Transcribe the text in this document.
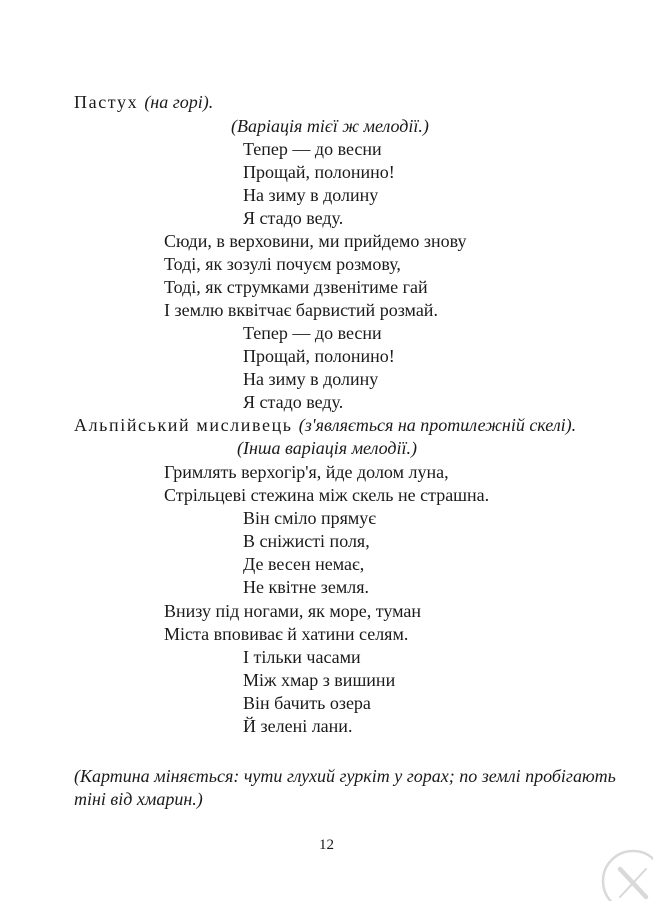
Пастух (на горі).
(Варіація тієї ж мелодії.)
Тепер — до весни
Прощай, полонино!
На зиму в долину
Я стадо веду.
Сюди, в верховини, ми прийдемо знову
Тоді, як зозулі почуєм розмову,
Тоді, як струмками дзвенітиме гай
І землю вквітчає барвистий розмай.
Тепер — до весни
Прощай, полонино!
На зиму в долину
Я стадо веду.
Альпійський мисливець (з'являється на протилежній скелі).
(Інша варіація мелодії.)
Гримлять верхогір'я, йде долом луна,
Стрільцеві стежина між скель не страшна.
Він сміло прямує
В сніжисті поля,
Де весен немає,
Не квітне земля.
Внизу під ногами, як море, туман
Міста вповиває й хатини селям.
І тільки часами
Між хмар з вишини
Він бачить озера
Й зелені лани.
(Картина міняється: чути глухий гуркіт у горах; по землі пробігають
тіні від хмарин.)
12
